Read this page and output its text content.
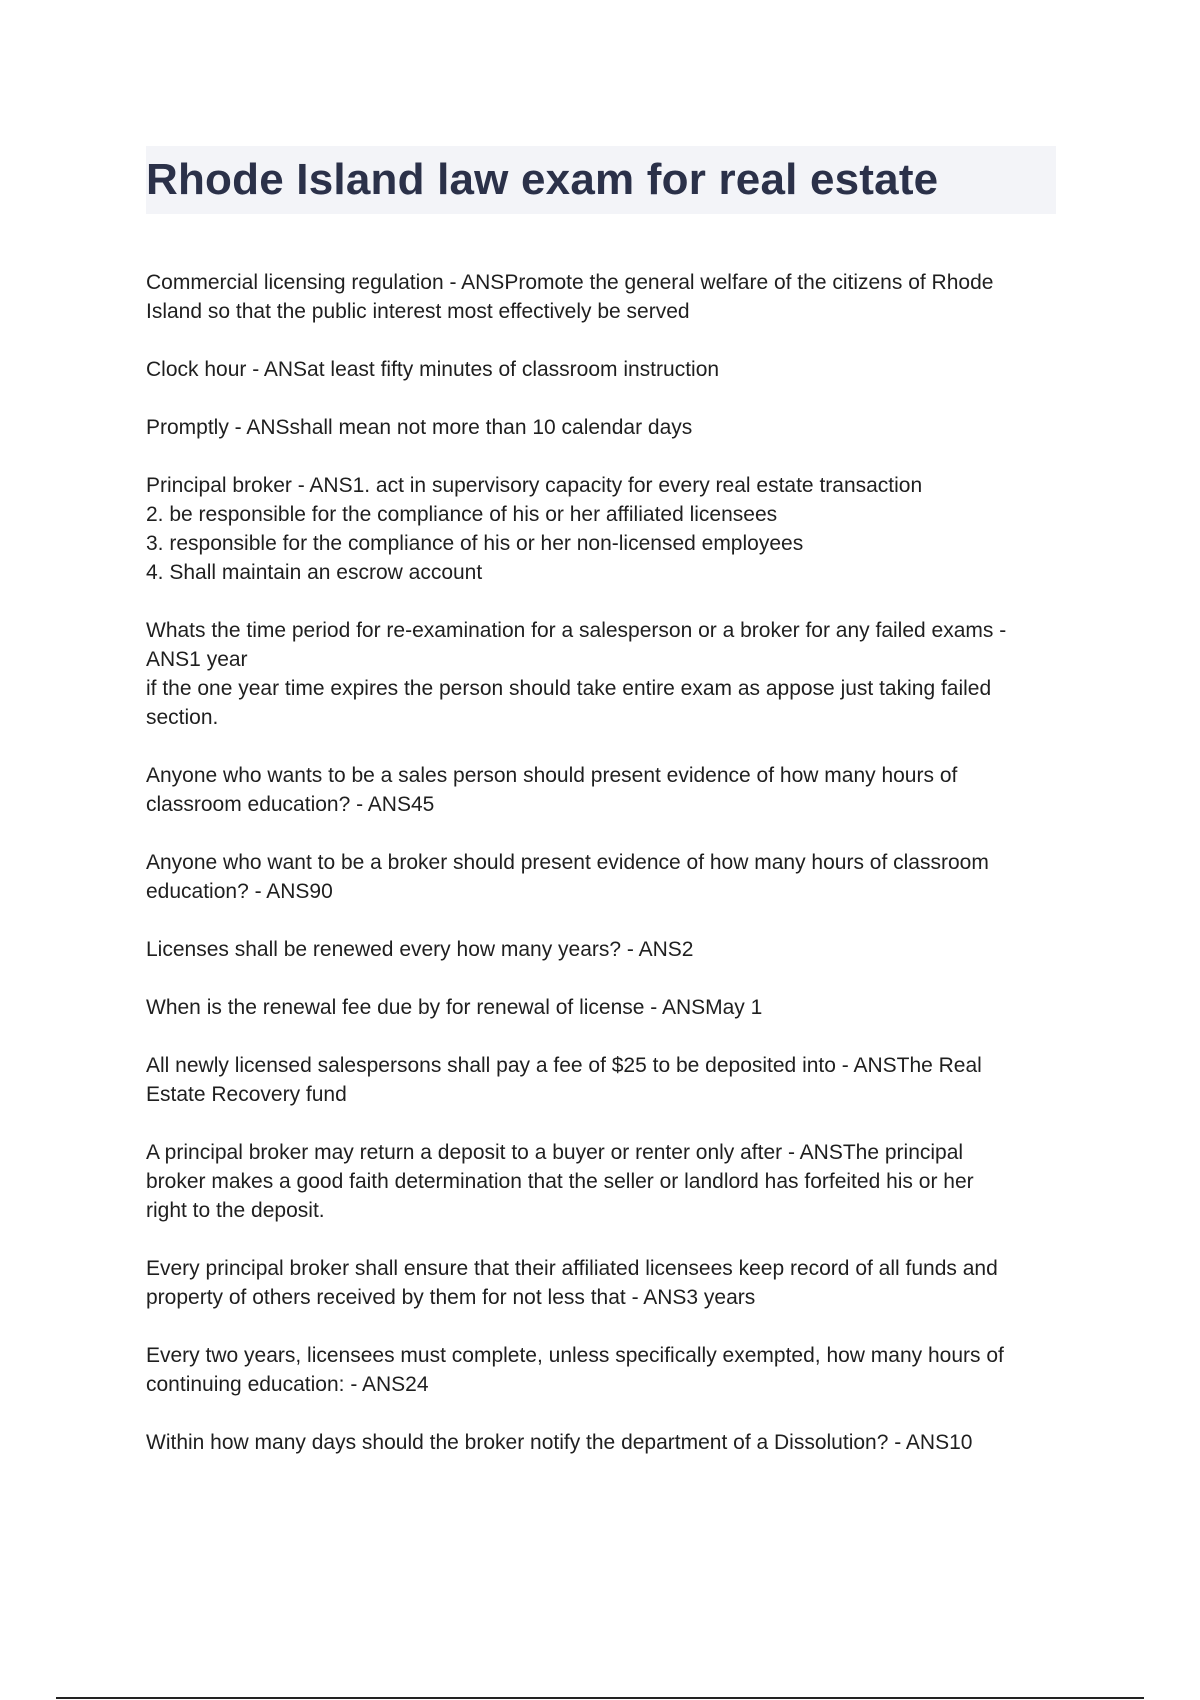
Rhode Island law exam for real estate

Commercial licensing regulation - ANSPromote the general welfare of the citizens of Rhode
Island so that the public interest most effectively be served

Clock hour - ANSat least fifty minutes of classroom instruction

Promptly - ANSshall mean not more than 10 calendar days

Principal broker - ANS1. act in supervisory capacity for every real estate transaction
2. be responsible for the compliance of his or her affiliated licensees
3. responsible for the compliance of his or her non-licensed employees
4. Shall maintain an escrow account

Whats the time period for re-examination for a salesperson or a broker for any failed exams -
ANS1 year
if the one year time expires the person should take entire exam as appose just taking failed
section.

Anyone who wants to be a sales person should present evidence of how many hours of
classroom education? - ANS45

Anyone who want to be a broker should present evidence of how many hours of classroom
education? - ANS90

Licenses shall be renewed every how many years? - ANS2

When is the renewal fee due by for renewal of license - ANSMay 1

All newly licensed salespersons shall pay a fee of $25 to be deposited into - ANSThe Real
Estate Recovery fund

A principal broker may return a deposit to a buyer or renter only after - ANSThe principal
broker makes a good faith determination that the seller or landlord has forfeited his or her
right to the deposit.

Every principal broker shall ensure that their affiliated licensees keep record of all funds and
property of others received by them for not less that - ANS3 years

Every two years, licensees must complete, unless specifically exempted, how many hours of
continuing education: - ANS24

Within how many days should the broker notify the department of a Dissolution? - ANS10
